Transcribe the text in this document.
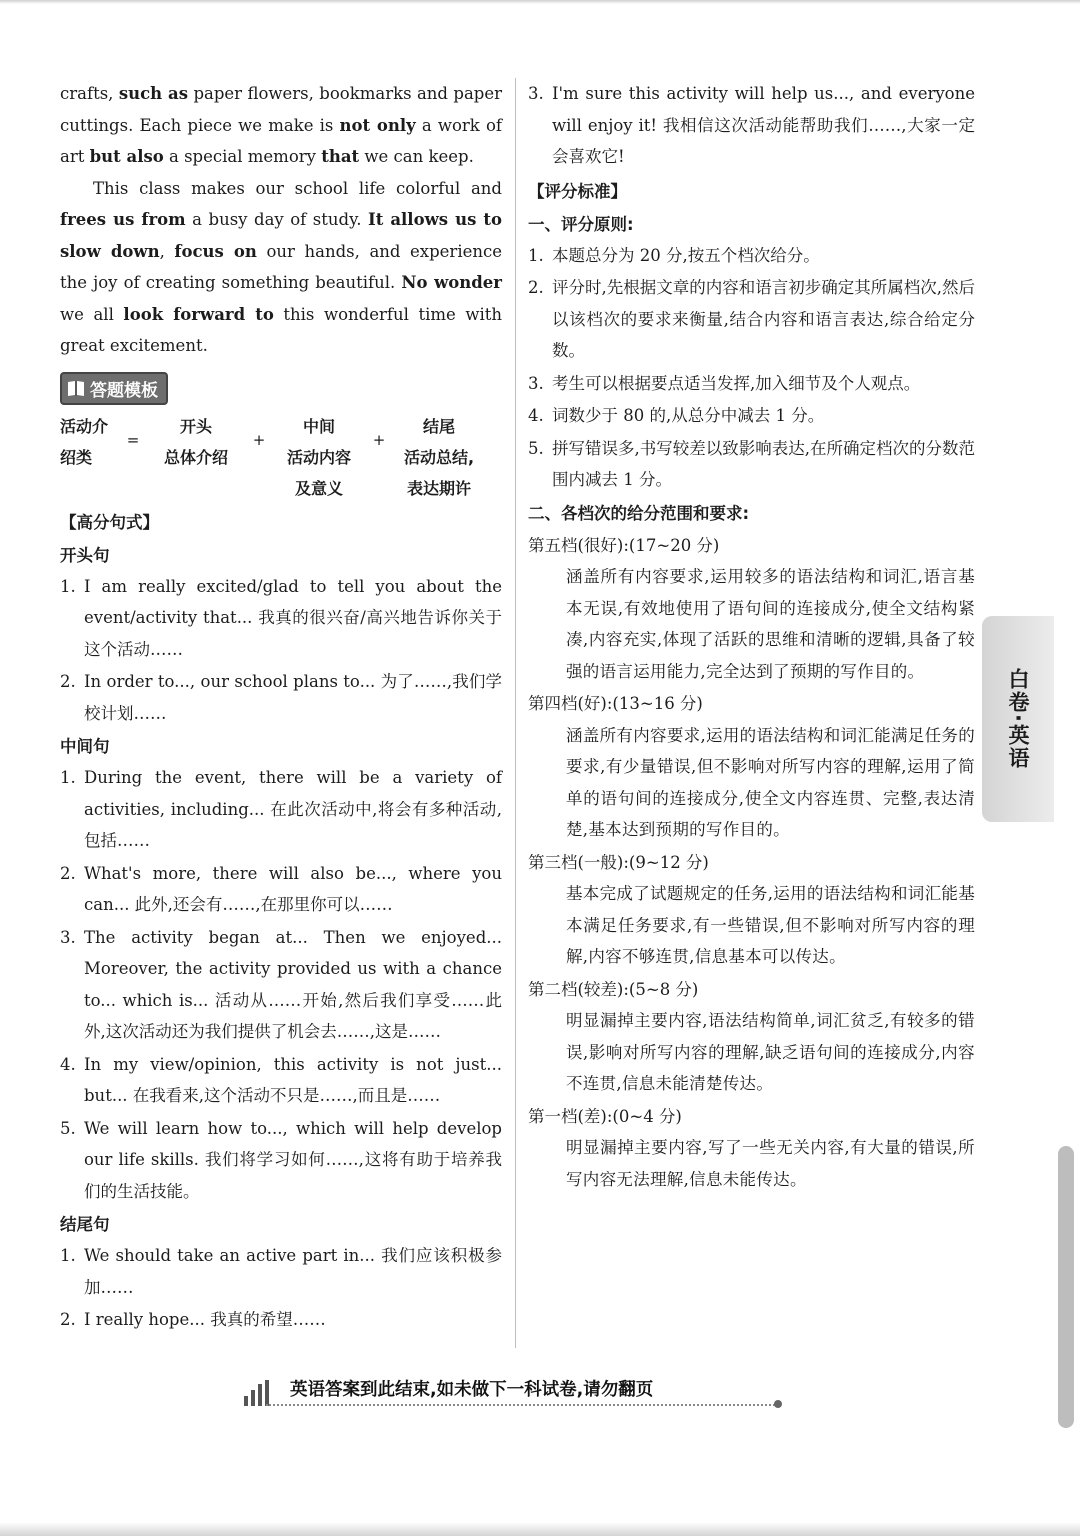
crafts, such as paper flowers, bookmarks and paper cuttings. Each piece we make is not only a work of art but also a special memory that we can keep.

This class makes our school life colorful and frees us from a busy day of study. It allows us to slow down, focus on our hands, and experience the joy of creating something beautiful. No wonder we all look forward to this wonderful time with great excitement.

答题模板
活动介
绍类
=
开头
总体介绍
+
中间
活动内容
及意义
+
结尾
活动总结,
表达期许
【高分句式】
开头句
1. I am really excited/glad to tell you about the event/activity that... 我真的很兴奋/高兴地告诉你关于这个活动……
2. In order to..., our school plans to... 为了……,我们学校计划……
中间句
1. During the event, there will be a variety of activities, including... 在此次活动中,将会有多种活动,包括……
2. What's more, there will also be..., where you can... 此外,还会有……,在那里你可以……
3. The activity began at... Then we enjoyed... Moreover, the activity provided us with a chance to... which is... 活动从……开始,然后我们享受……此外,这次活动还为我们提供了机会去……,这是……
4. In my view/opinion, this activity is not just... but... 在我看来,这个活动不只是……,而且是……
5. We will learn how to..., which will help develop our life skills. 我们将学习如何……,这将有助于培养我们的生活技能。
结尾句
1. We should take an active part in... 我们应该积极参加……
2. I really hope... 我真的希望……
3. I'm sure this activity will help us..., and everyone will enjoy it! 我相信这次活动能帮助我们……,大家一定会喜欢它!
【评分标准】
一、评分原则:
1. 本题总分为 20 分,按五个档次给分。
2. 评分时,先根据文章的内容和语言初步确定其所属档次,然后以该档次的要求来衡量,结合内容和语言表达,综合给定分数。
3. 考生可以根据要点适当发挥,加入细节及个人观点。
4. 词数少于 80 的,从总分中减去 1 分。
5. 拼写错误多,书写较差以致影响表达,在所确定档次的分数范围内减去 1 分。
二、各档次的给分范围和要求:
第五档(很好):(17~20 分)
涵盖所有内容要求,运用较多的语法结构和词汇,语言基本无误,有效地使用了语句间的连接成分,使全文结构紧凑,内容充实,体现了活跃的思维和清晰的逻辑,具备了较强的语言运用能力,完全达到了预期的写作目的。
第四档(好):(13~16 分)
涵盖所有内容要求,运用的语法结构和词汇能满足任务的要求,有少量错误,但不影响对所写内容的理解,运用了简单的语句间的连接成分,使全文内容连贯、完整,表达清楚,基本达到预期的写作目的。
第三档(一般):(9~12 分)
基本完成了试题规定的任务,运用的语法结构和词汇能基本满足任务要求,有一些错误,但不影响对所写内容的理解,内容不够连贯,信息基本可以传达。
第二档(较差):(5~8 分)
明显漏掉主要内容,语法结构简单,词汇贫乏,有较多的错误,影响对所写内容的理解,缺乏语句间的连接成分,内容不连贯,信息未能清楚传达。
第一档(差):(0~4 分)
明显漏掉主要内容,写了一些无关内容,有大量的错误,所写内容无法理解,信息未能传达。
白卷·英语
英语答案到此结束,如未做下一科试卷,请勿翻页
